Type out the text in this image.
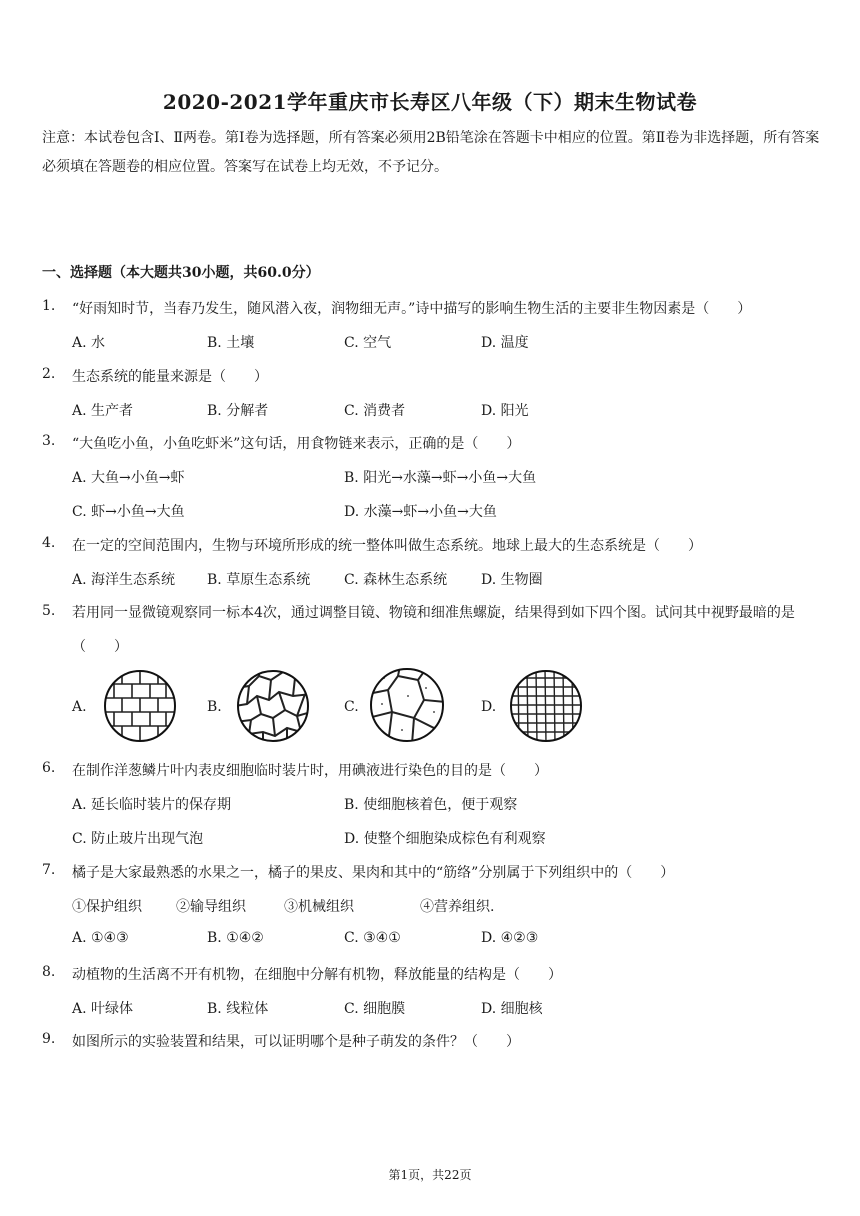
2020-2021学年重庆市长寿区八年级（下）期末生物试卷
注意：本试卷包含Ⅰ、Ⅱ两卷。第Ⅰ卷为选择题，所有答案必须用2B铅笔涂在答题卡中相应的位置。第Ⅱ卷为非选择题，所有答案必须填在答题卷的相应位置。答案写在试卷上均无效，不予记分。
一、选择题（本大题共30小题，共60.0分）
1. “好雨知时节，当春乃发生，随风潜入夜，润物细无声。”诗中描写的影响生物生活的主要非生物因素是（　　）
A. 水	B. 土壤	C. 空气	D. 温度
2. 生态系统的能量来源是（　　）
A. 生产者	B. 分解者	C. 消费者	D. 阳光
3. “大鱼吃小鱼，小鱼吃虾米”这句话，用食物链来表示，正确的是（　　）
A. 大鱼→小鱼→虾	B. 阳光→水藻→虾→小鱼→大鱼
C. 虾→小鱼→大鱼	D. 水藻→虾→小鱼→大鱼
4. 在一定的空间范围内，生物与环境所形成的统一整体叫做生态系统。地球上最大的生态系统是（　　）
A. 海洋生态系统 B. 草原生态系统 C. 森林生态系统 D. 生物圈
5. 若用同一显微镜观察同一标本4次，通过调整目镜、物镜和细准焦螺旋，结果得到如下四个图。试问其中视野最暗的是（　　）
A.	B.	C.	D.
6. 在制作洋葱鳞片叶内表皮细胞临时装片时，用碘液进行染色的目的是（　　）
A. 延长临时装片的保存期	B. 使细胞核着色，便于观察
C. 防止玻片出现气泡	D. 使整个细胞染成棕色有利观察
7. 橘子是大家最熟悉的水果之一，橘子的果皮、果肉和其中的“筋络”分别属于下列组织中的（　　）
①保护组织 ②输导组织	③机械组织	④营养组织.
A. ①④③	B. ①④②	C. ③④①	D. ④②③
8. 动植物的生活离不开有机物，在细胞中分解有机物，释放能量的结构是（　　）
A. 叶绿体	B. 线粒体	C. 细胞膜	D. 细胞核
9. 如图所示的实验装置和结果，可以证明哪个是种子萌发的条件？（　　）
第1页，共22页
